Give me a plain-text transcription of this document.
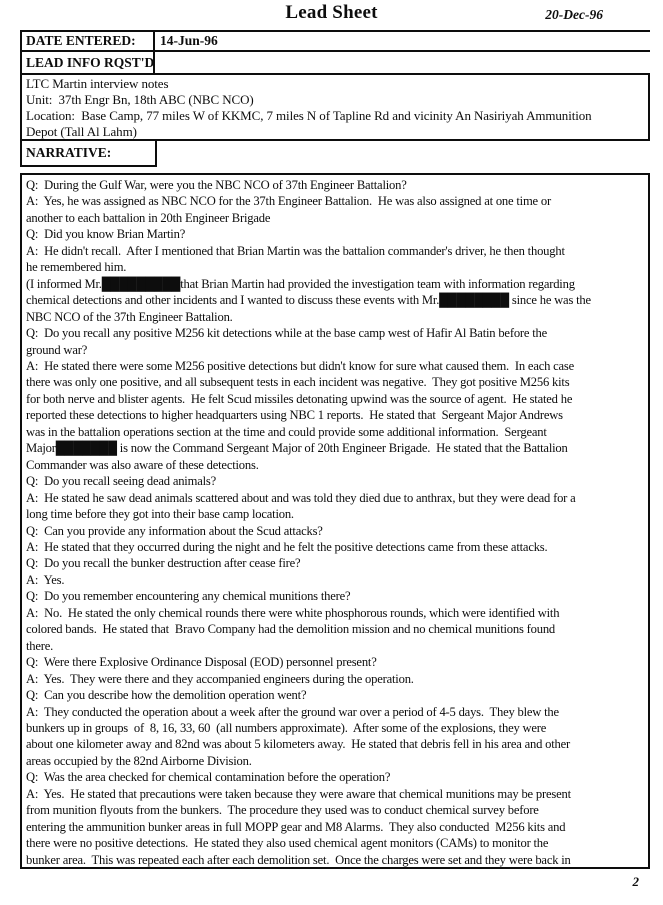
Lead Sheet	20-Dec-96
DATE ENTERED:	14-Jun-96
LEAD INFO RQST'D
LTC Martin interview notes
Unit:  37th Engr Bn, 18th ABC (NBC NCO)
Location:  Base Camp, 77 miles W of KKMC, 7 miles N of Tapline Rd and vicinity An Nasiriyah Ammunition
Depot (Tall Al Lahm)
NARRATIVE:
Q:  During the Gulf War, were you the NBC NCO of 37th Engineer Battalion?
A:  Yes, he was assigned as NBC NCO for the 37th Engineer Battalion.  He was also assigned at one time or
another to each battalion in 20th Engineer Brigade
Q:  Did you know Brian Martin?
A:  He didn't recall.  After I mentioned that Brian Martin was the battalion commander's driver, he then thought
he remembered him.
(I informed Mr.█████████that Brian Martin had provided the investigation team with information regarding
chemical detections and other incidents and I wanted to discuss these events with Mr.████████ since he was the
NBC NCO of the 37th Engineer Battalion.
Q:  Do you recall any positive M256 kit detections while at the base camp west of Hafir Al Batin before the
ground war?
A:  He stated there were some M256 positive detections but didn't know for sure what caused them.  In each case
there was only one positive, and all subsequent tests in each incident was negative.  They got positive M256 kits
for both nerve and blister agents.  He felt Scud missiles detonating upwind was the source of agent.  He stated he
reported these detections to higher headquarters using NBC 1 reports.  He stated that  Sergeant Major Andrews
was in the battalion operations section at the time and could provide some additional information.  Sergeant
Major███████ is now the Command Sergeant Major of 20th Engineer Brigade.  He stated that the Battalion
Commander was also aware of these detections.
Q:  Do you recall seeing dead animals?
A:  He stated he saw dead animals scattered about and was told they died due to anthrax, but they were dead for a
long time before they got into their base camp location.
Q:  Can you provide any information about the Scud attacks?
A:  He stated that they occurred during the night and he felt the positive detections came from these attacks.
Q:  Do you recall the bunker destruction after cease fire?
A:  Yes.
Q:  Do you remember encountering any chemical munitions there?
A:  No.  He stated the only chemical rounds there were white phosphorous rounds, which were identified with
colored bands.  He stated that  Bravo Company had the demolition mission and no chemical munitions found
there.
Q:  Were there Explosive Ordinance Disposal (EOD) personnel present?
A:  Yes.  They were there and they accompanied engineers during the operation.
Q:  Can you describe how the demolition operation went?
A:  They conducted the operation about a week after the ground war over a period of 4-5 days.  They blew the
bunkers up in groups  of  8, 16, 33, 60  (all numbers approximate).  After some of the explosions, they were
about one kilometer away and 82nd was about 5 kilometers away.  He stated that debris fell in his area and other
areas occupied by the 82nd Airborne Division.
Q:  Was the area checked for chemical contamination before the operation?
A:  Yes.  He stated that precautions were taken because they were aware that chemical munitions may be present
from munition flyouts from the bunkers.  The procedure they used was to conduct chemical survey before
entering the ammunition bunker areas in full MOPP gear and M8 Alarms.  They also conducted  M256 kits and
there were no positive detections.  He stated they also used chemical agent monitors (CAMs) to monitor the
bunker area.  This was repeated each after each demolition set.  Once the charges were set and they were back in
2
